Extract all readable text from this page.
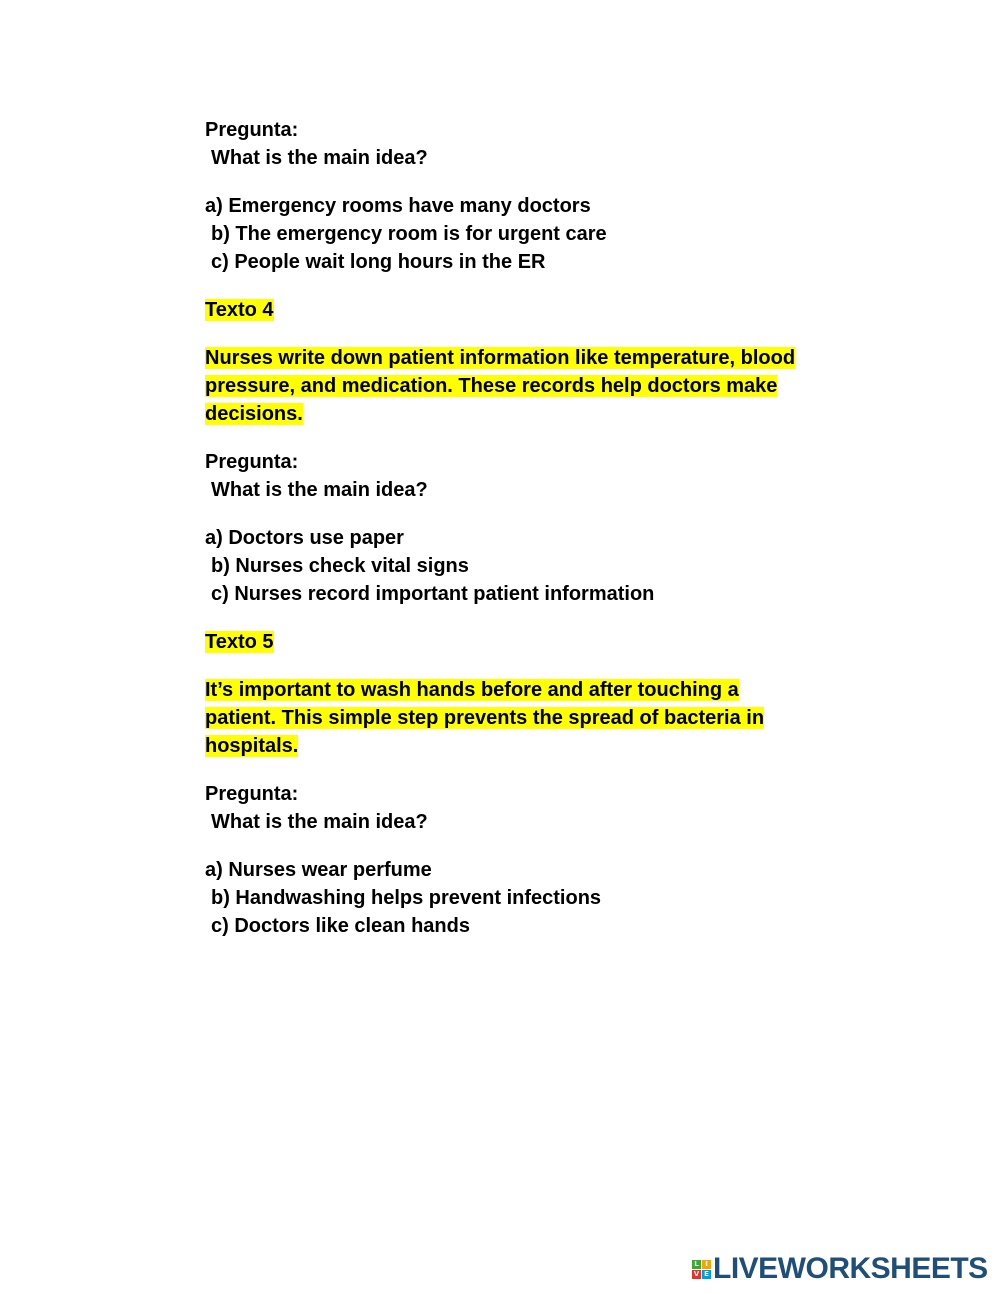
Pregunta:

What is the main idea?

a) Emergency rooms have many doctors

b) The emergency room is for urgent care

c) People wait long hours in the ER

Texto 4

Nurses write down patient information like temperature, blood pressure, and medication. These records help doctors make decisions.

Pregunta:

What is the main idea?

a) Doctors use paper

b) Nurses check vital signs

c) Nurses record important patient information

Texto 5

It’s important to wash hands before and after touching a patient. This simple step prevents the spread of bacteria in hospitals.

Pregunta:

What is the main idea?

a) Nurses wear perfume

b) Handwashing helps prevent infections

c) Doctors like clean hands

L I
V E LIVEWORKSHEETS
